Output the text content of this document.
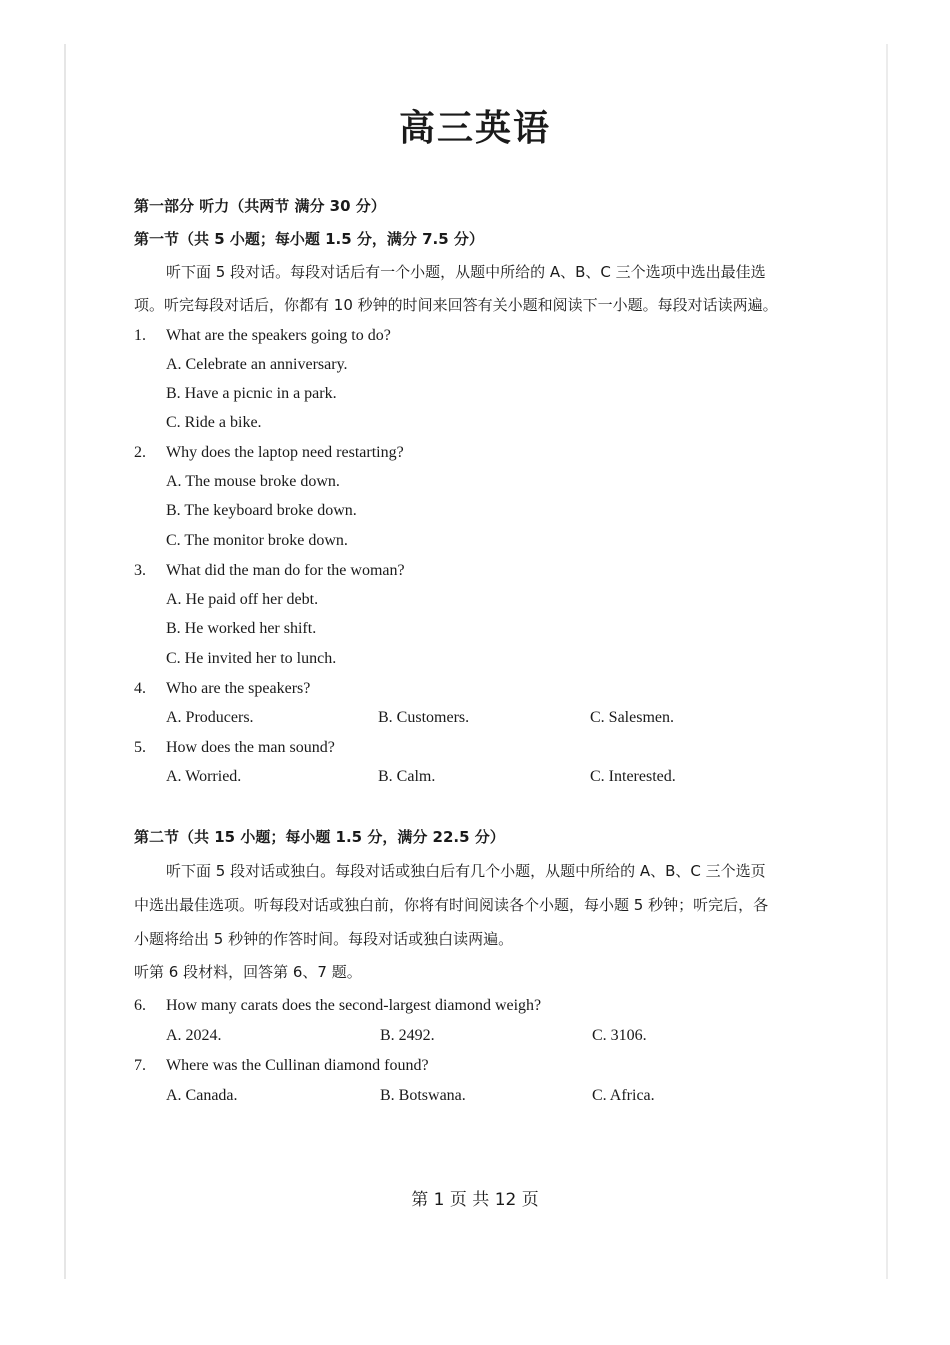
高三英语
第一部分 听力（共两节 满分 30 分）
第一节（共 5 小题；每小题 1.5 分，满分 7.5 分）
听下面 5 段对话。每段对话后有一个小题，从题中所给的 A、B、C 三个选项中选出最佳选
项。听完每段对话后，你都有 10 秒钟的时间来回答有关小题和阅读下一小题。每段对话读两遍。
1. What are the speakers going to do?
A. Celebrate an anniversary.
B. Have a picnic in a park.
C. Ride a bike.
2. Why does the laptop need restarting?
A. The mouse broke down.
B. The keyboard broke down.
C. The monitor broke down.
3. What did the man do for the woman?
A. He paid off her debt.
B. He worked her shift.
C. He invited her to lunch.
4. Who are the speakers?
A. Producers.	B. Customers.	C. Salesmen.
5. How does the man sound?
A. Worried.	B. Calm.	C. Interested.
第二节（共 15 小题；每小题 1.5 分，满分 22.5 分）
听下面 5 段对话或独白。每段对话或独白后有几个小题，从题中所给的 A、B、C 三个选页
中选出最佳选项。听每段对话或独白前，你将有时间阅读各个小题，每小题 5 秒钟；听完后，各
小题将给出 5 秒钟的作答时间。每段对话或独白读两遍。
听第 6 段材料，回答第 6、7 题。
6. How many carats does the second-largest diamond weigh?
A. 2024.	B. 2492.	C. 3106.
7. Where was the Cullinan diamond found?
A. Canada.	B. Botswana.	C. Africa.
第 1 页 共 12 页
